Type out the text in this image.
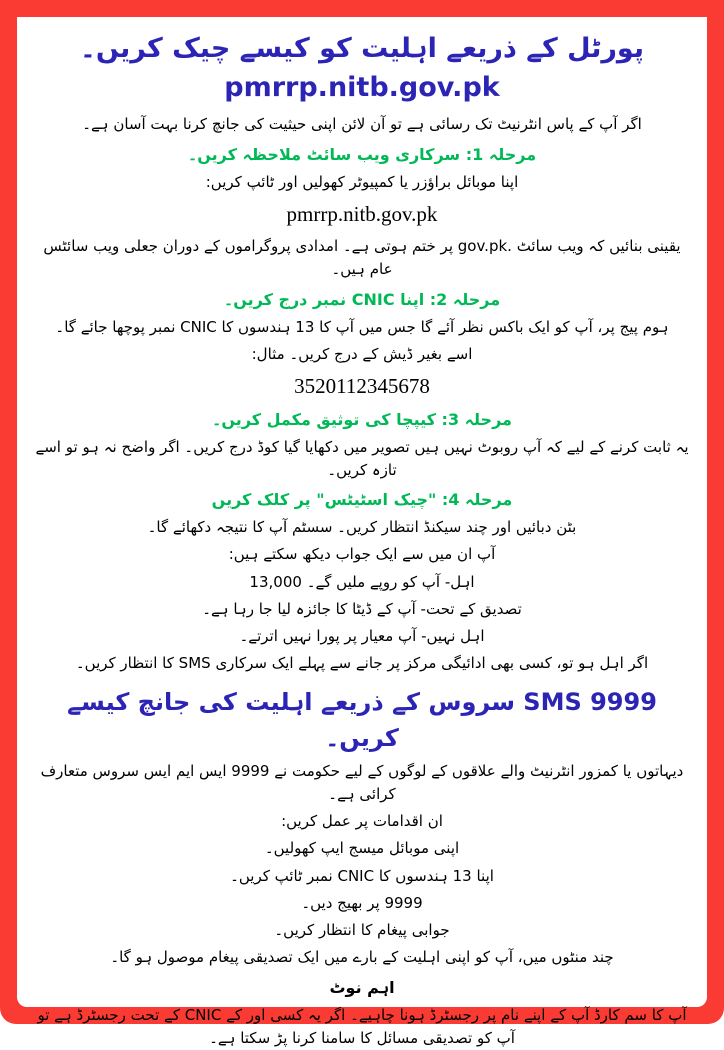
پورٹل کے ذریعے اہلیت کو کیسے چیک کریں۔ pmrrp.nitb.gov.pk
اگر آپ کے پاس انٹرنیٹ تک رسائی ہے تو آن لائن اپنی حیثیت کی جانچ کرنا بہت آسان ہے۔
مرحلہ 1: سرکاری ویب سائٹ ملاحظہ کریں۔
اپنا موبائل براؤزر یا کمپیوٹر کھولیں اور ٹائپ کریں:
pmrrp.nitb.gov.pk
یقینی بنائیں کہ ویب سائٹ .gov.pk پر ختم ہوتی ہے۔ امدادی پروگراموں کے دوران جعلی ویب سائٹس عام ہیں۔
مرحلہ 2: اپنا CNIC نمبر درج کریں۔
ہوم پیج پر، آپ کو ایک باکس نظر آئے گا جس میں آپ کا 13 ہندسوں کا CNIC نمبر پوچھا جائے گا۔
اسے بغیر ڈیش کے درج کریں۔ مثال:
3520112345678
مرحلہ 3: کیپچا کی توثیق مکمل کریں۔
یہ ثابت کرنے کے لیے کہ آپ روبوٹ نہیں ہیں تصویر میں دکھایا گیا کوڈ درج کریں۔ اگر واضح نہ ہو تو اسے تازہ کریں۔
مرحلہ 4: "چیک اسٹیٹس" پر کلک کریں
بٹن دبائیں اور چند سیکنڈ انتظار کریں۔ سسٹم آپ کا نتیجہ دکھائے گا۔
آپ ان میں سے ایک جواب دیکھ سکتے ہیں:
اہل- آپ کو روپے ملیں گے۔ 13,000
تصدیق کے تحت- آپ کے ڈیٹا کا جائزہ لیا جا رہا ہے۔
اہل نہیں- آپ معیار پر پورا نہیں اترتے۔
اگر اہل ہو تو، کسی بھی ادائیگی مرکز پر جانے سے پہلے ایک سرکاری SMS کا انتظار کریں۔
SMS 9999 سروس کے ذریعے اہلیت کی جانچ کیسے کریں۔
دیہاتوں یا کمزور انٹرنیٹ والے علاقوں کے لوگوں کے لیے حکومت نے 9999 ایس ایم ایس سروس متعارف کرائی ہے۔
ان اقدامات پر عمل کریں:
اپنی موبائل میسج ایپ کھولیں۔
اپنا 13 ہندسوں کا CNIC نمبر ٹائپ کریں۔
9999 پر بھیج دیں۔
جوابی پیغام کا انتظار کریں۔
چند منٹوں میں، آپ کو اپنی اہلیت کے بارے میں ایک تصدیقی پیغام موصول ہو گا۔
اہم نوٹ
آپ کا سم کارڈ آپ کے اپنے نام پر رجسٹرڈ ہونا چاہیے۔ اگر یہ کسی اور کے CNIC کے تحت رجسٹرڈ ہے تو آپ کو تصدیقی مسائل کا سامنا کرنا پڑ سکتا ہے۔
